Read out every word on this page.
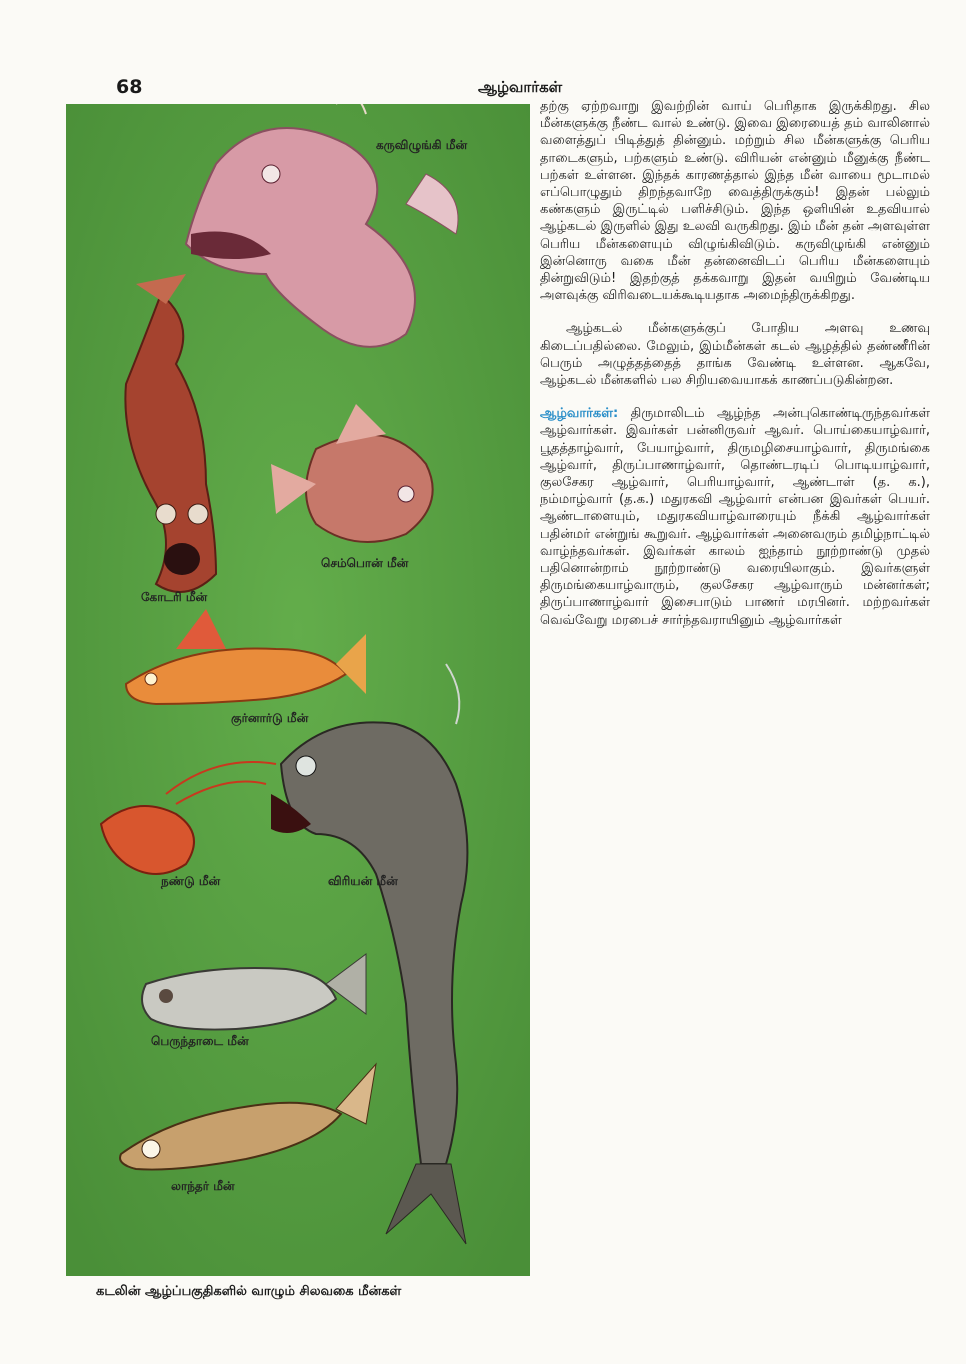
68	ஆழ்வார்கள்
கருவிழுங்கி மீன்
செம்பொன் மீன்
கோடரி மீன்
குர்னார்டு மீன்
நண்டு மீன்	விரியன் மீன்
பெருந்தாடை மீன்
லாந்தர் மீன்
கடலின் ஆழ்ப்பகுதிகளில் வாழும் சிலவகை மீன்கள்

தற்கு ஏற்றவாறு இவற்றின் வாய் பெரிதாக இருக்கிறது. சில மீன்களுக்கு நீண்ட வால் உண்டு. இவை இரையைத் தம் வாலினால் வளைத்துப் பிடித்துத் தின்னும். மற்றும் சில மீன்களுக்கு பெரிய தாடைகளும், பற்களும் உண்டு. விரியன் என்னும் மீனுக்கு நீண்ட பற்கள் உள்ளன. இந்தக் காரணத்தால் இந்த மீன் வாயை மூடாமல் எப்பொழுதும் திறந்தவாறே வைத்திருக்கும்! இதன் பல்லும் கண்களும் இருட்டில் பளிச்சிடும். இந்த ஒளியின் உதவியால் ஆழ்கடல் இருளில் இது உலவி வருகிறது. இம் மீன் தன் அளவுள்ள பெரிய மீன்களையும் விழுங்கிவிடும். கருவிழுங்கி என்னும் இன்னொரு வகை மீன் தன்னைவிடப் பெரிய மீன்களையும் தின்றுவிடும்! இதற்குத் தக்கவாறு இதன் வயிறும் வேண்டிய அளவுக்கு விரிவடையக்கூடியதாக அமைந்திருக்கிறது.

ஆழ்கடல் மீன்களுக்குப் போதிய அளவு உணவு கிடைப்பதில்லை. மேலும், இம்மீன்கள் கடல் ஆழத்தில் தண்ணீரின் பெரும் அழுத்தத்தைத் தாங்க வேண்டி உள்ளன. ஆகவே, ஆழ்கடல் மீன்களில் பல சிறியவையாகக் காணப்படுகின்றன.

ஆழ்வார்கள்: திருமாலிடம் ஆழ்ந்த அன்புகொண்டிருந்தவர்கள் ஆழ்வார்கள். இவர்கள் பன்னிருவர் ஆவர். பொய்கையாழ்வார், பூதத்தாழ்வார், பேயாழ்வார், திருமழிசையாழ்வார், திருமங்கை ஆழ்வார், திருப்பாணாழ்வார், தொண்டரடிப் பொடியாழ்வார், குலசேகர ஆழ்வார், பெரியாழ்வார், ஆண்டாள் (த. க.), நம்மாழ்வார் (த.க.) மதுரகவி ஆழ்வார் என்பன இவர்கள் பெயர். ஆண்டாளையும், மதுரகவியாழ்வாரையும் நீக்கி ஆழ்வார்கள் பதின்மர் என்றுங் கூறுவர். ஆழ்வார்கள் அனைவரும் தமிழ்நாட்டில் வாழ்ந்தவர்கள். இவர்கள் காலம் ஐந்தாம் நூற்றாண்டு முதல் பதினொன்றாம் நூற்றாண்டு வரையிலாகும். இவர்களுள் திருமங்கையாழ்வாரும், குலசேகர ஆழ்வாரும் மன்னர்கள்; திருப்பாணாழ்வார் இசைபாடும் பாணர் மரபினர். மற்றவர்கள் வெவ்வேறு மரபைச் சார்ந்தவராயினும் ஆழ்வார்கள்
